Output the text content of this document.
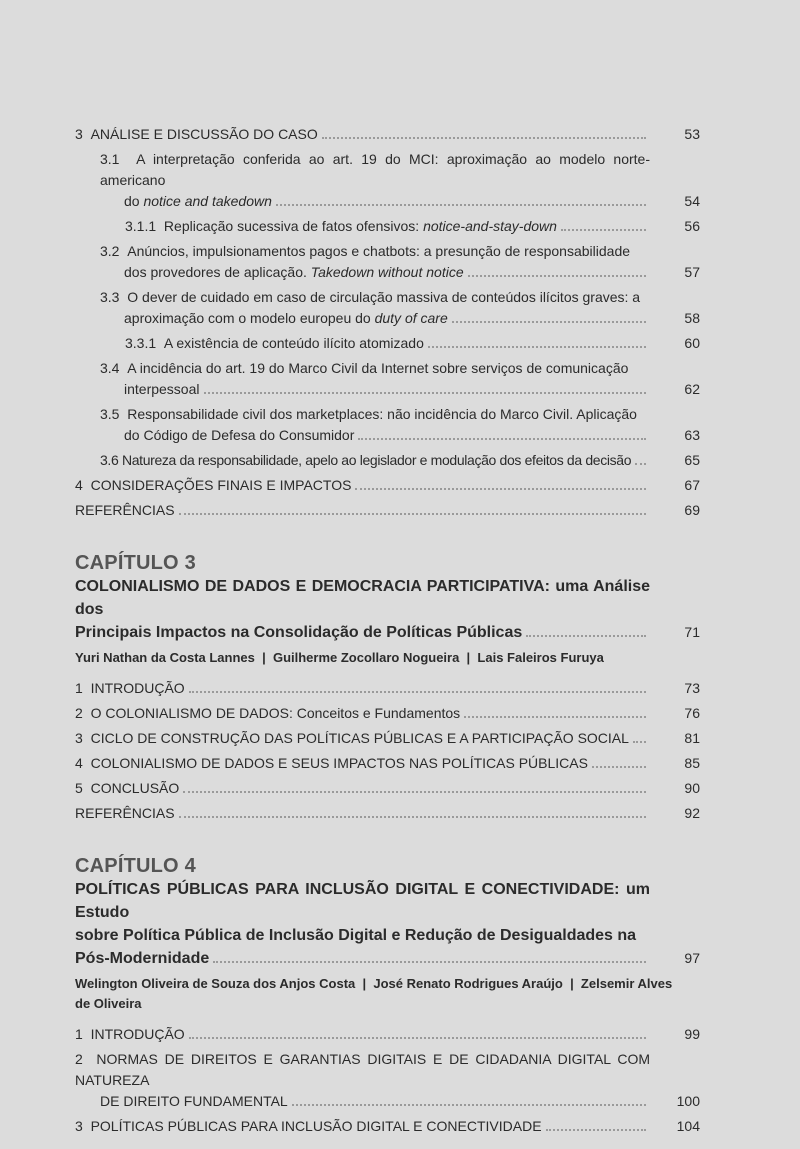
3 ANÁLISE E DISCUSSÃO DO CASO	53
3.1 A interpretação conferida ao art. 19 do MCI: aproximação ao modelo norte-americano
do notice and takedown	54
3.1.1 Replicação sucessiva de fatos ofensivos: notice-and-stay-down	56
3.2 Anúncios, impulsionamentos pagos e chatbots: a presunção de responsabilidade
dos provedores de aplicação. Takedown without notice	57
3.3 O dever de cuidado em caso de circulação massiva de conteúdos ilícitos graves: a
aproximação com o modelo europeu do duty of care	58
3.3.1 A existência de conteúdo ilícito atomizado	60
3.4 A incidência do art. 19 do Marco Civil da Internet sobre serviços de comunicação
interpessoal	62
3.5 Responsabilidade civil dos marketplaces: não incidência do Marco Civil. Aplicação
do Código de Defesa do Consumidor	63
3.6 Natureza da responsabilidade, apelo ao legislador e modulação dos efeitos da decisão	65
4 CONSIDERAÇÕES FINAIS E IMPACTOS	67
REFERÊNCIAS	69
CAPÍTULO 3
COLONIALISMO DE DADOS E DEMOCRACIA PARTICIPATIVA: uma Análise dos
Principais Impactos na Consolidação de Políticas Públicas	71
Yuri Nathan da Costa Lannes  |  Guilherme Zocollaro Nogueira  |  Lais Faleiros Furuya
1 INTRODUÇÃO	73
2 O COLONIALISMO DE DADOS: Conceitos e Fundamentos	76
3 CICLO DE CONSTRUÇÃO DAS POLÍTICAS PÚBLICAS E A PARTICIPAÇÃO SOCIAL	81
4 COLONIALISMO DE DADOS E SEUS IMPACTOS NAS POLÍTICAS PÚBLICAS	85
5 CONCLUSÃO	90
REFERÊNCIAS	92
CAPÍTULO 4
POLÍTICAS PÚBLICAS PARA INCLUSÃO DIGITAL E CONECTIVIDADE: um Estudo
sobre Política Pública de Inclusão Digital e Redução de Desigualdades na
Pós-Modernidade	97
Welington Oliveira de Souza dos Anjos Costa  |  José Renato Rodrigues Araújo  |  Zelsemir Alves de Oliveira
1 INTRODUÇÃO	99
2 NORMAS DE DIREITOS E GARANTIAS DIGITAIS E DE CIDADANIA DIGITAL COM NATUREZA
DE DIREITO FUNDAMENTAL	100
3 POLÍTICAS PÚBLICAS PARA INCLUSÃO DIGITAL E CONECTIVIDADE	104
